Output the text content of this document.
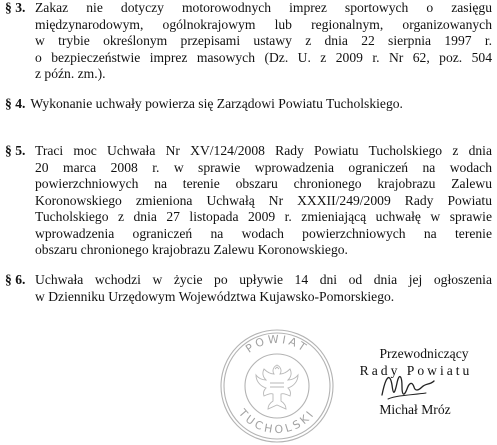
§ 3. Zakaz nie dotyczy motorowodnych imprez sportowych o zasięgu
międzynarodowym, ogólnokrajowym lub regionalnym, organizowanych
w trybie określonym przepisami ustawy z dnia 22 sierpnia 1997 r.
o bezpieczeństwie imprez masowych (Dz. U. z 2009 r. Nr 62, poz. 504
z późn. zm.).
§ 4. Wykonanie uchwały powierza się Zarządowi Powiatu Tucholskiego.
§ 5. Traci moc Uchwała Nr XV/124/2008 Rady Powiatu Tucholskiego z dnia
20 marca 2008 r. w sprawie wprowadzenia ograniczeń na wodach
powierzchniowych na terenie obszaru chronionego krajobrazu Zalewu
Koronowskiego zmieniona Uchwałą Nr XXXII/249/2009 Rady Powiatu
Tucholskiego z dnia 27 listopada 2009 r. zmieniającą uchwałę w sprawie
wprowadzenia ograniczeń na wodach powierzchniowych na terenie
obszaru chronionego krajobrazu Zalewu Koronowskiego.
§ 6. Uchwała wchodzi w życie po upływie 14 dni od dnia jej ogłoszenia
w Dzienniku Urzędowym Województwa Kujawsko-Pomorskiego.
POWIAT
TUCHOLSKI
Przewodniczący
Rady Powiatu
Michał Mróz
